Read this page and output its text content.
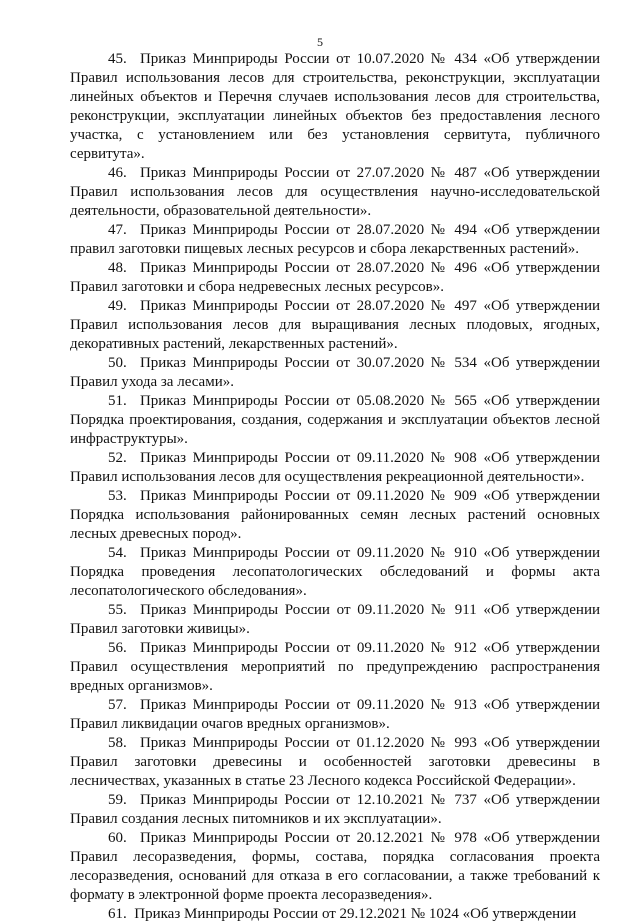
5

45. Приказ Минприроды России от 10.07.2020 № 434 «Об утверждении Правил использования лесов для строительства, реконструкции, эксплуатации линейных объектов и Перечня случаев использования лесов для строительства, реконструкции, эксплуатации линейных объектов без предоставления лесного участка, с установлением или без установления сервитута, публичного сервитута».

46. Приказ Минприроды России от 27.07.2020 № 487 «Об утверждении Правил использования лесов для осуществления научно-исследовательской деятельности, образовательной деятельности».

47. Приказ Минприроды России от 28.07.2020 № 494 «Об утверждении правил заготовки пищевых лесных ресурсов и сбора лекарственных растений».

48. Приказ Минприроды России от 28.07.2020 № 496 «Об утверждении Правил заготовки и сбора недревесных лесных ресурсов».

49. Приказ Минприроды России от 28.07.2020 № 497 «Об утверждении Правил использования лесов для выращивания лесных плодовых, ягодных, декоративных растений, лекарственных растений».

50. Приказ Минприроды России от 30.07.2020 № 534 «Об утверждении Правил ухода за лесами».

51. Приказ Минприроды России от 05.08.2020 № 565 «Об утверждении Порядка проектирования, создания, содержания и эксплуатации объектов лесной инфраструктуры».

52. Приказ Минприроды России от 09.11.2020 № 908 «Об утверждении Правил использования лесов для осуществления рекреационной деятельности».

53. Приказ Минприроды России от 09.11.2020 № 909 «Об утверждении Порядка использования районированных семян лесных растений основных лесных древесных пород».

54. Приказ Минприроды России от 09.11.2020 № 910 «Об утверждении Порядка проведения лесопатологических обследований и формы акта лесопатологического обследования».

55. Приказ Минприроды России от 09.11.2020 № 911 «Об утверждении Правил заготовки живицы».

56. Приказ Минприроды России от 09.11.2020 № 912 «Об утверждении Правил осуществления мероприятий по предупреждению распространения вредных организмов».

57. Приказ Минприроды России от 09.11.2020 № 913 «Об утверждении Правил ликвидации очагов вредных организмов».

58. Приказ Минприроды России от 01.12.2020 № 993 «Об утверждении Правил заготовки древесины и особенностей заготовки древесины в лесничествах, указанных в статье 23 Лесного кодекса Российской Федерации».

59. Приказ Минприроды России от 12.10.2021 № 737 «Об утверждении Правил создания лесных питомников и их эксплуатации».

60. Приказ Минприроды России от 20.12.2021 № 978 «Об утверждении Правил лесоразведения, формы, состава, порядка согласования проекта лесоразведения, оснований для отказа в его согласовании, а также требований к формату в электронной форме проекта лесоразведения».

61. Приказ Минприроды России от 29.12.2021 № 1024 «Об утверждении
